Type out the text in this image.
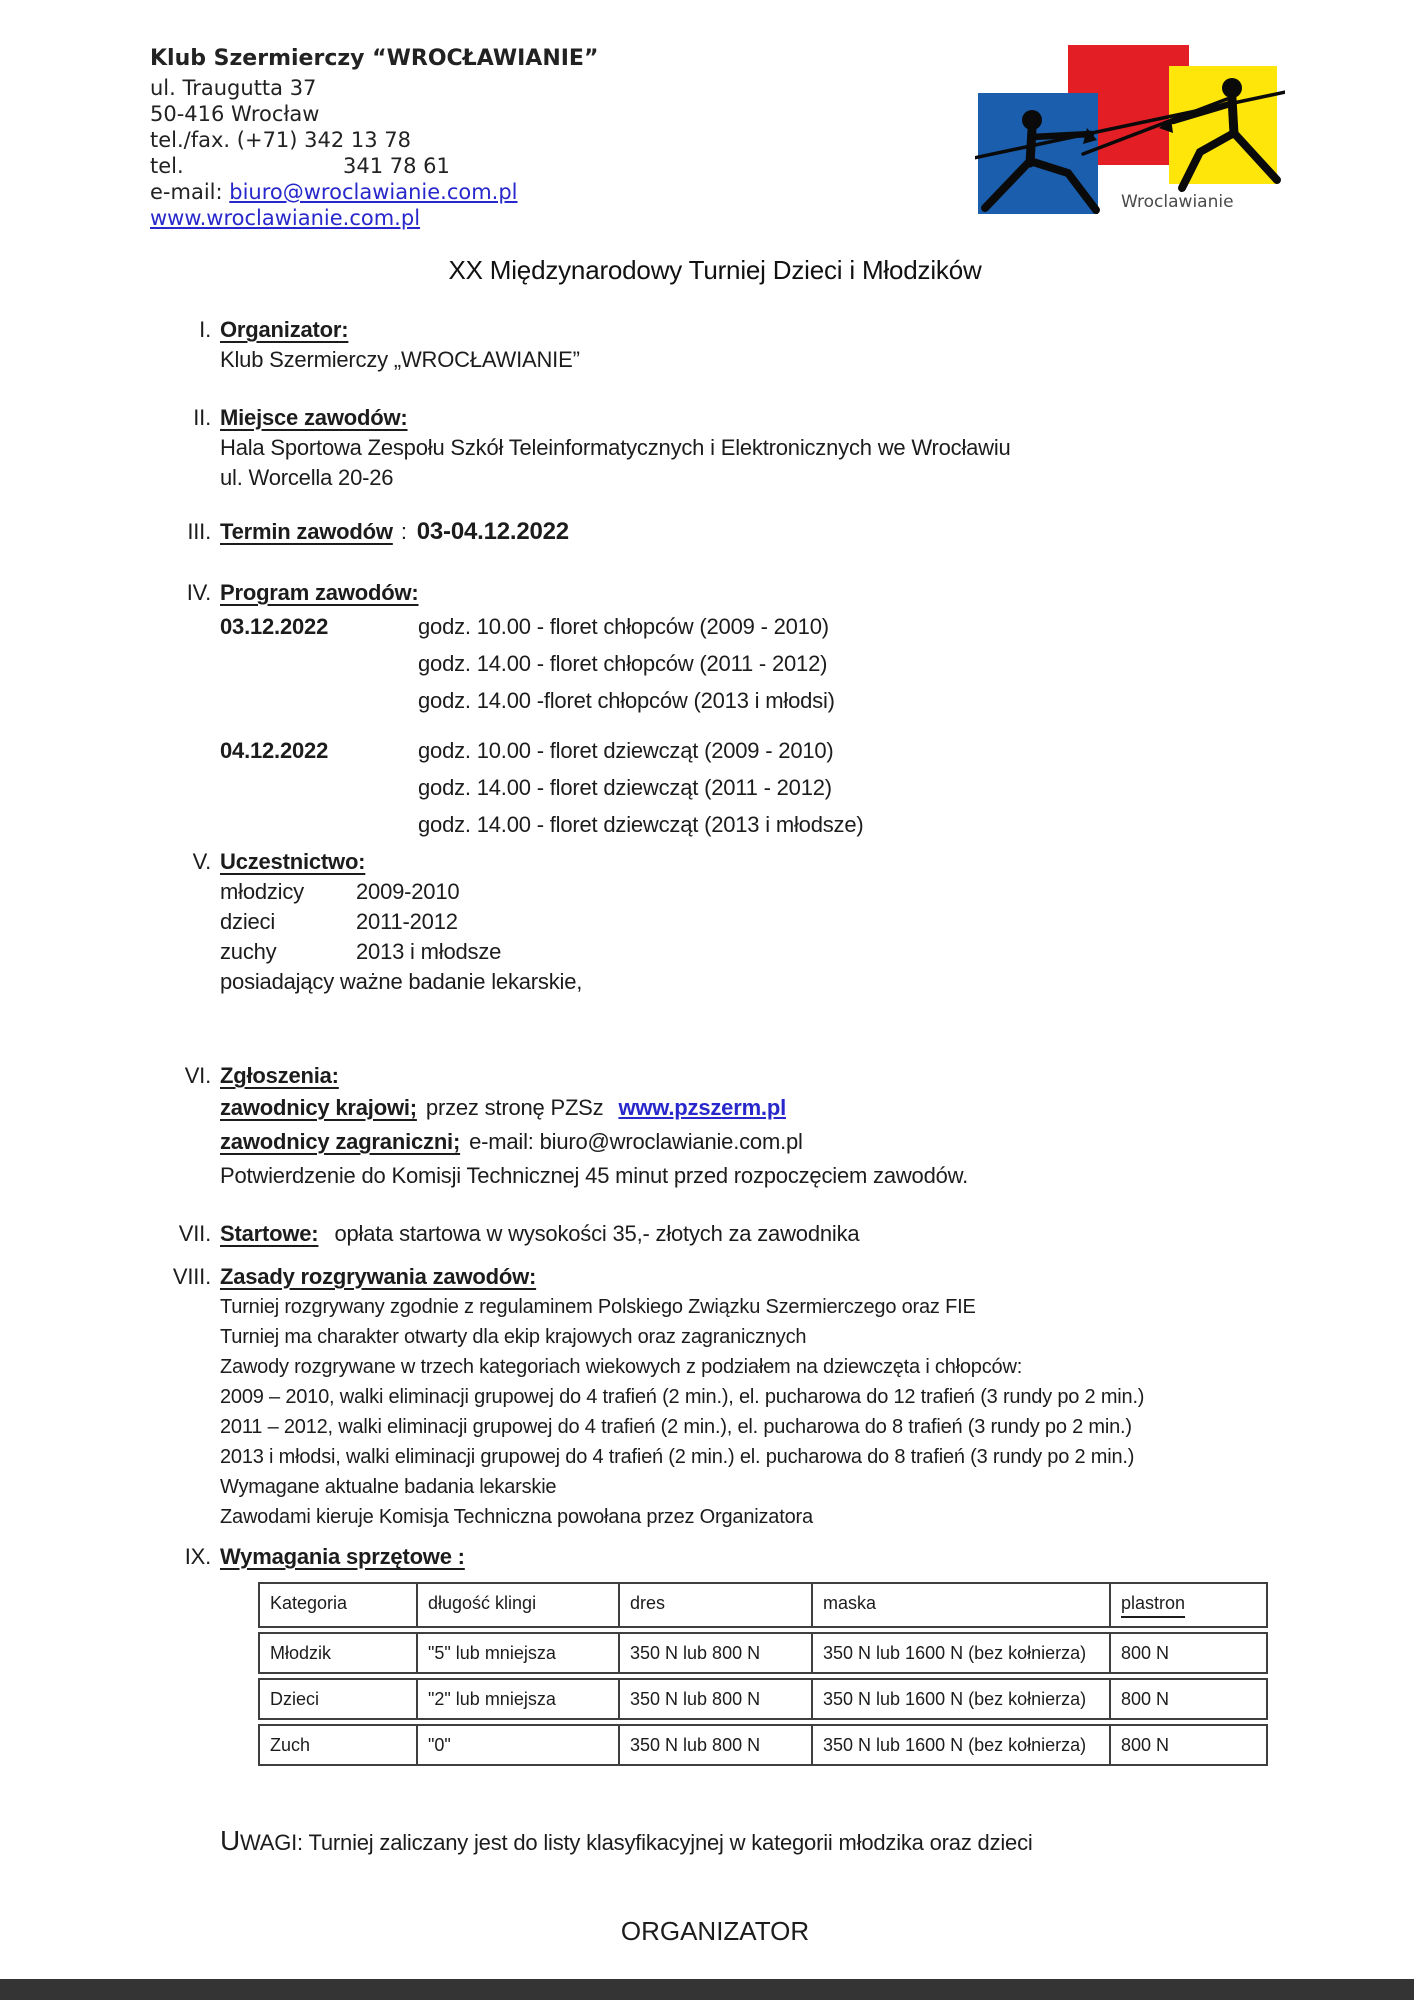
Klub Szermierczy “WROCŁAWIANIE”
ul. Traugutta 37
50-416 Wrocław
tel./fax. (+71) 342 13 78
tel.	341 78 61
e-mail: biuro@wroclawianie.com.pl
www.wroclawianie.com.pl
Wroclawianie
XX Międzynarodowy Turniej Dzieci i Młodzików
I. Organizator:
Klub Szermierczy „WROCŁAWIANIE”
II. Miejsce zawodów:
Hala Sportowa Zespołu Szkół Teleinformatycznych i Elektronicznych we Wrocławiu
ul. Worcella 20-26
III. Termin zawodów : 03-04.12.2022
IV. Program zawodów:
03.12.2022	godz. 10.00 - floret chłopców (2009 - 2010)
godz. 14.00 - floret chłopców (2011 - 2012)
godz. 14.00 -floret chłopców (2013 i młodsi)
04.12.2022	godz. 10.00 - floret dziewcząt (2009 - 2010)
godz. 14.00 - floret dziewcząt (2011 - 2012)
godz. 14.00 - floret dziewcząt (2013 i młodsze)
V. Uczestnictwo:
młodzicy	2009-2010
dzieci	2011-2012
zuchy	2013 i młodsze
posiadający ważne badanie lekarskie,
VI. Zgłoszenia:
zawodnicy krajowi; przez stronę PZSz www.pzszerm.pl
zawodnicy zagraniczni; e-mail: biuro@wroclawianie.com.pl
Potwierdzenie do Komisji Technicznej 45 minut przed rozpoczęciem zawodów.
VII. Startowe: opłata startowa w wysokości 35,- złotych za zawodnika
VIII. Zasady rozgrywania zawodów:
Turniej rozgrywany zgodnie z regulaminem Polskiego Związku Szermierczego oraz FIE
Turniej ma charakter otwarty dla ekip krajowych oraz zagranicznych
Zawody rozgrywane w trzech kategoriach wiekowych z podziałem na dziewczęta i chłopców:
2009 – 2010, walki eliminacji grupowej do 4 trafień (2 min.), el. pucharowa do 12 trafień (3 rundy po 2 min.)
2011 – 2012, walki eliminacji grupowej do 4 trafień (2 min.), el. pucharowa do 8 trafień (3 rundy po 2 min.)
2013 i młodsi, walki eliminacji grupowej do 4 trafień (2 min.) el. pucharowa do 8 trafień (3 rundy po 2 min.)
Wymagane aktualne badania lekarskie
Zawodami kieruje Komisja Techniczna powołana przez Organizatora
IX. Wymagania sprzętowe :
Kategoria	długość klingi	dres	maska	plastron
Młodzik	"5" lub mniejsza	350 N lub 800 N	350 N lub 1600 N (bez kołnierza)	800 N
Dzieci	"2" lub mniejsza	350 N lub 800 N	350 N lub 1600 N (bez kołnierza)	800 N
Zuch	"0"	350 N lub 800 N	350 N lub 1600 N (bez kołnierza)	800 N
UWAGI: Turniej zaliczany jest do listy klasyfikacyjnej w kategorii młodzika oraz dzieci
ORGANIZATOR
